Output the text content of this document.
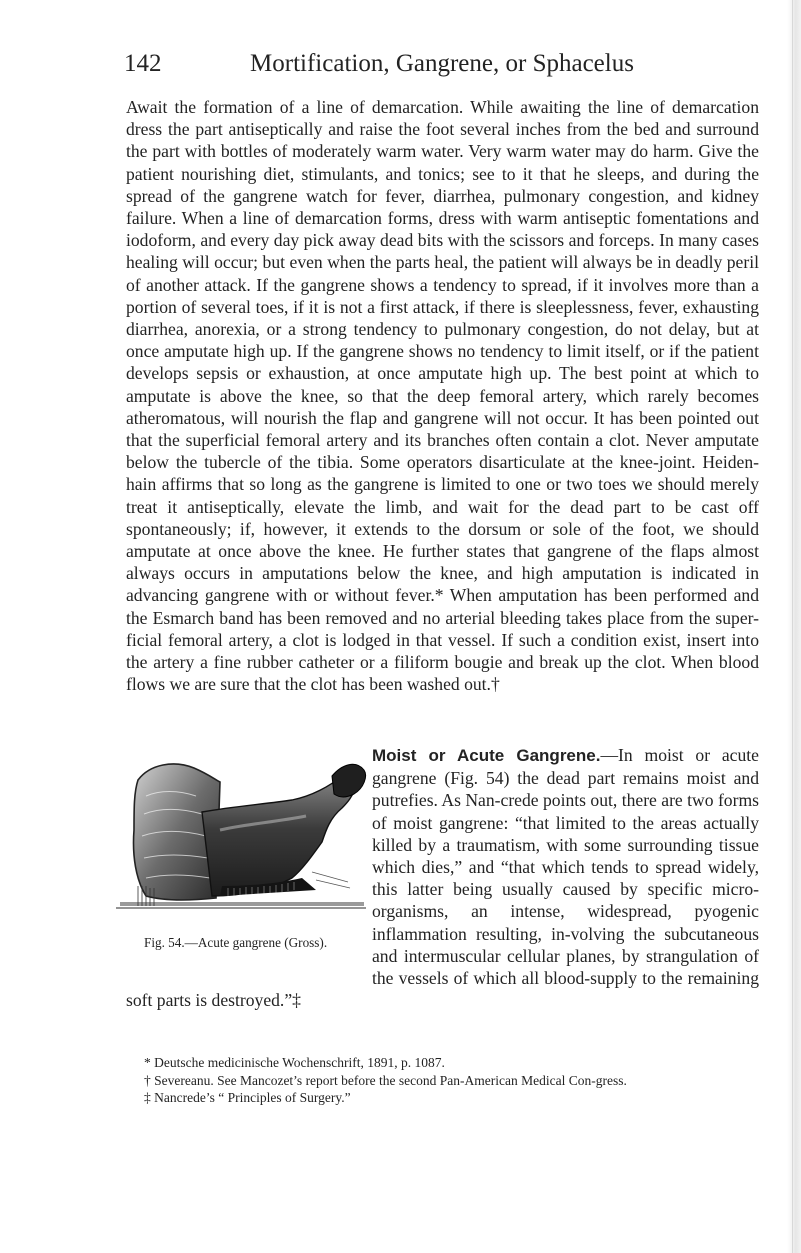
142	Mortification, Gangrene, or Sphacelus

Await the formation of a line of demarcation. While awaiting the line of demarcation dress the part antiseptically and raise the foot several inches from the bed and surround the part with bottles of moderately warm water. Very warm water may do harm. Give the patient nourishing diet, stimulants, and tonics; see to it that he sleeps, and during the spread of the gangrene watch for fever, diarrhea, pulmonary congestion, and kidney failure. When a line of demarcation forms, dress with warm antiseptic fomentations and iodoform, and every day pick away dead bits with the scissors and forceps. In many cases healing will occur; but even when the parts heal, the patient will always be in deadly peril of another attack. If the gangrene shows a tendency to spread, if it involves more than a portion of several toes, if it is not a first attack, if there is sleeplessness, fever, exhausting diarrhea, anorexia, or a strong tendency to pulmonary congestion, do not delay, but at once amputate high up. If the gangrene shows no tendency to limit itself, or if the patient develops sepsis or exhaustion, at once amputate high up. The best point at which to amputate is above the knee, so that the deep femoral artery, which rarely becomes atheromatous, will nourish the flap and gangrene will not occur. It has been pointed out that the superficial femoral artery and its branches often contain a clot. Never amputate below the tubercle of the tibia. Some operators disarticulate at the knee-joint. Heiden-hain affirms that so long as the gangrene is limited to one or two toes we should merely treat it antiseptically, elevate the limb, and wait for the dead part to be cast off spontaneously; if, however, it extends to the dorsum or sole of the foot, we should amputate at once above the knee. He further states that gangrene of the flaps almost always occurs in amputations below the knee, and high amputation is indicated in advancing gangrene with or without fever.* When amputation has been performed and the Esmarch band has been removed and no arterial bleeding takes place from the super-ficial femoral artery, a clot is lodged in that vessel. If such a condition exist, insert into the artery a fine rubber catheter or a filiform bougie and break up the clot. When blood flows we are sure that the clot has been washed out.†

Fig. 54.—Acute gangrene (Gross).
Moist or Acute Gangrene.—In moist or acute gangrene (Fig. 54) the dead part remains moist and putrefies. As Nan-crede points out, there are two forms of moist gangrene: “that limited to the areas actually killed by a traumatism, with some surrounding tissue which dies,” and “that which tends to spread widely, this latter being usually caused by specific micro-organisms, an intense, widespread, pyogenic inflammation resulting, in-volving the subcutaneous and intermuscular cellular planes, by strangulation of the vessels of which all blood-supply to the remaining soft parts is destroyed.”‡

* Deutsche medicinische Wochenschrift, 1891, p. 1087.

† Severeanu. See Mancozet’s report before the second Pan-American Medical Con-gress.

‡ Nancrede’s “ Principles of Surgery.”
